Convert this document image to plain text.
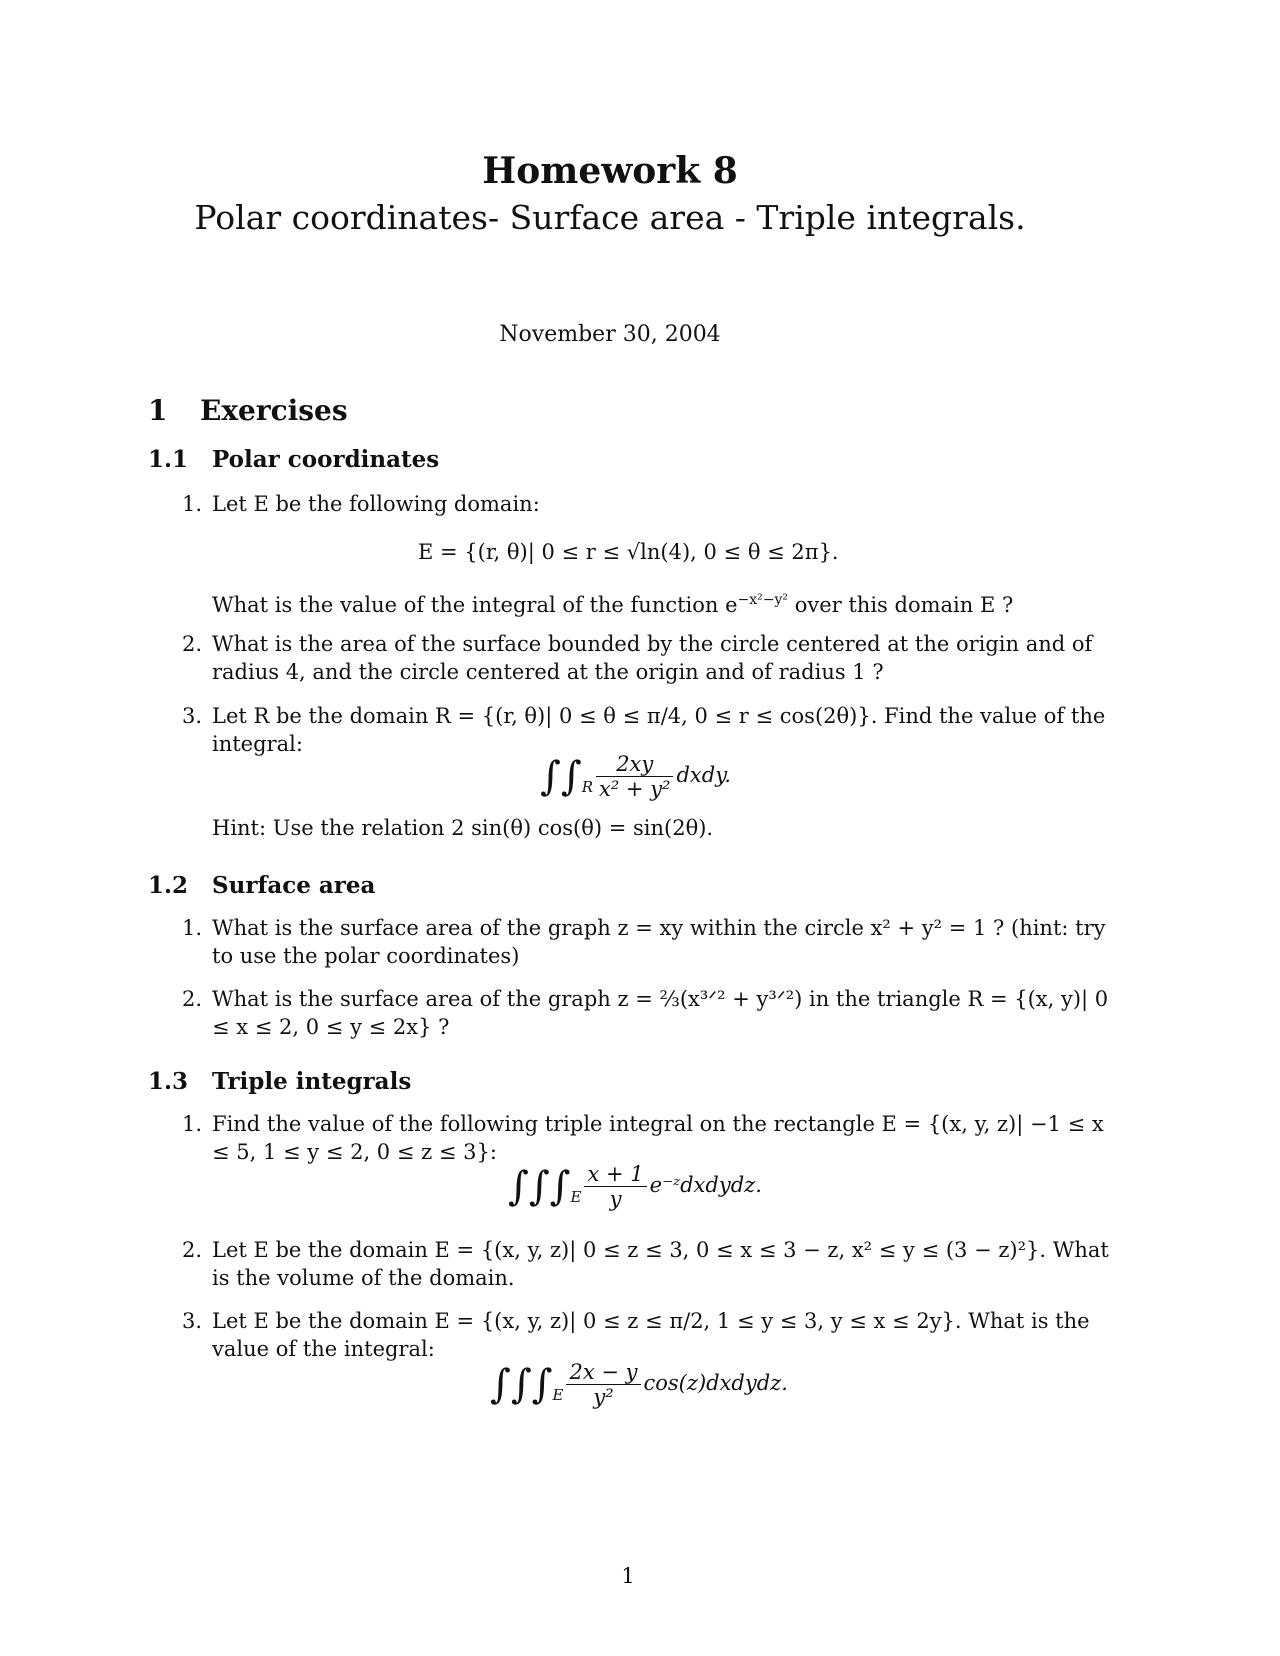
Homework 8
Polar coordinates- Surface area - Triple integrals.
November 30, 2004
1 Exercises
1.1 Polar coordinates
1. Let E be the following domain:
E = {(r, θ)| 0 ≤ r ≤ √ln(4), 0 ≤ θ ≤ 2π}.
What is the value of the integral of the function $e^{-x^2-y^2}$ over this domain E ?
2. What is the area of the surface bounded by the circle centered at the origin and of radius 4, and the circle centered at the origin and of radius 1 ?
3. Let R be the domain R = {(r, θ)| 0 ≤ θ ≤ π/4, 0 ≤ r ≤ cos(2θ)}. Find the value of the integral:
$\int\int_R \frac{2xy}{\text{x² + y²}}$ dxdy.
Hint: Use the relation 2 sin(θ) cos(θ) = sin(2θ).
1.2 Surface area
1. What is the surface area of the graph z = xy within the circle x² + y² = 1 ? (hint: try to use the polar coordinates)
2. What is the surface area of the graph z = ⅔(x³ᐟ² + y³ᐟ²) in the triangle R = {(x, y)| 0 ≤ x ≤ 2, 0 ≤ y ≤ 2x} ?
1.3 Triple integrals
1. Find the value of the following triple integral on the rectangle E = {(x, y, z)| −1 ≤ x ≤ 5, 1 ≤ y ≤ 2, 0 ≤ z ≤ 3}:
$\int\int\int_E \frac{x + 1}{y}$ e⁻ᶻdxdydz.
2. Let E be the domain E = {(x, y, z)| 0 ≤ z ≤ 3, 0 ≤ x ≤ 3 − z, x² ≤ y ≤ (3 − z)²}. What is the volume of the domain.
3. Let E be the domain E = {(x, y, z)| 0 ≤ z ≤ π/2, 1 ≤ y ≤ 3, y ≤ x ≤ 2y}. What is the value of the integral:
$\int\int\int_E \frac{2x - y}{\text{y²}}$ cos(z)dxdydz.
1
